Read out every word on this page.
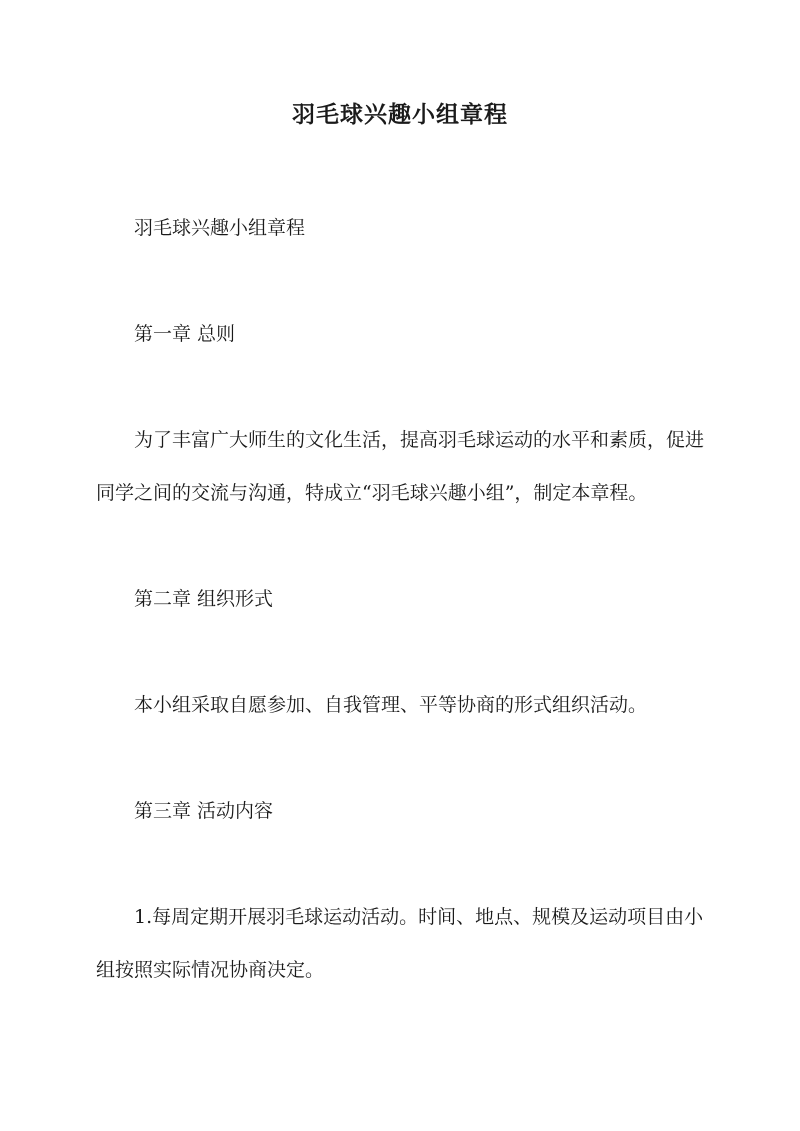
羽毛球兴趣小组章程

羽毛球兴趣小组章程

第一章 总则

为了丰富广大师生的文化生活，提高羽毛球运动的水平和素质，促进同学之间的交流与沟通，特成立“羽毛球兴趣小组”，制定本章程。

第二章 组织形式

本小组采取自愿参加、自我管理、平等协商的形式组织活动。

第三章 活动内容

1.每周定期开展羽毛球运动活动。时间、地点、规模及运动项目由小组按照实际情况协商决定。
